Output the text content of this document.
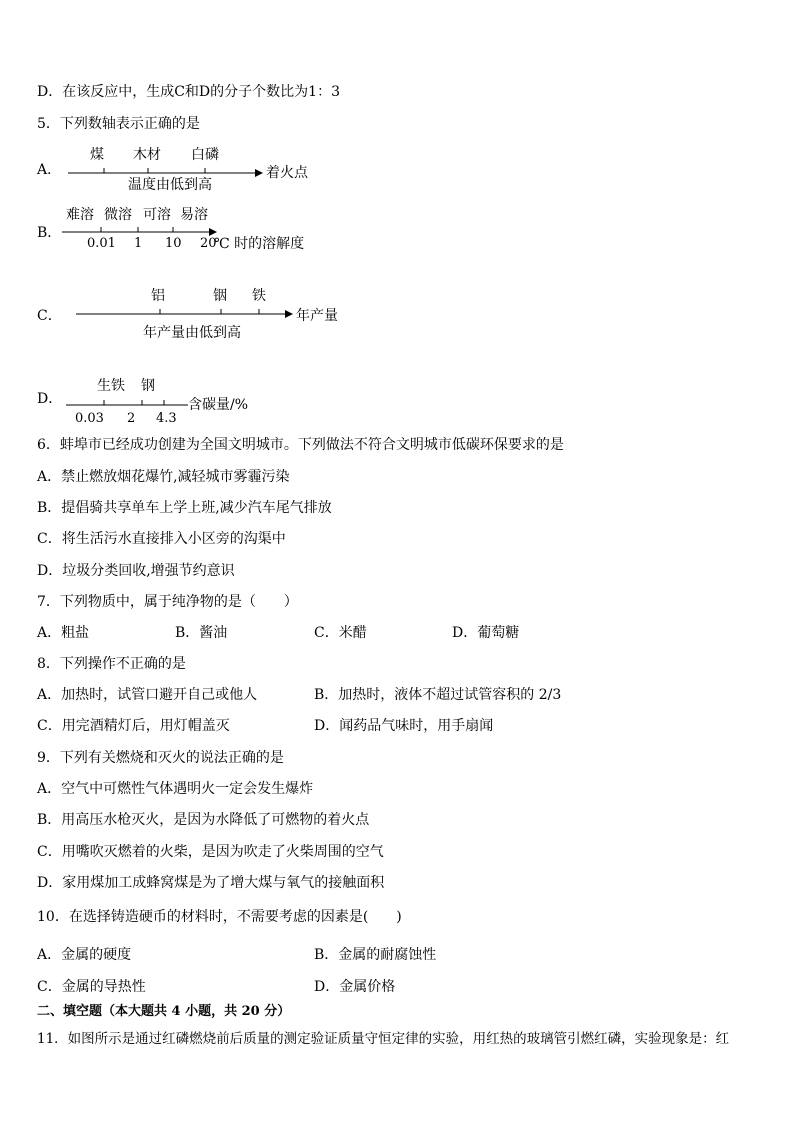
D．在该反应中，生成C和D的分子个数比为1：3
5．下列数轴表示正确的是
A．
煤 木材 白磷
着火点
温度由低到高
B．
难溶 微溶 可溶 易溶
0.01 1 10 20
℃ 时的溶解度
C．
铝	铟 铁
年产量
年产量由低到高
D．
生铁 钢
0.03 2 4.3
含碳量/%
6．蚌埠市已经成功创建为全国文明城市。下列做法不符合文明城市低碳环保要求的是
A．禁止燃放烟花爆竹,减轻城市雾霾污染
B．提倡骑共享单车上学上班,减少汽车尾气排放
C．将生活污水直接排入小区旁的沟渠中
D．垃圾分类回收,增强节约意识
7．下列物质中，属于纯净物的是（　　）
A．粗盐	B．酱油	C．米醋	D．葡萄糖
8．下列操作不正确的是
A．加热时，试管口避开自己或他人	B．加热时，液体不超过试管容积的 2/3
C．用完酒精灯后，用灯帽盖灭	D．闻药品气味时，用手扇闻
9．下列有关燃烧和灭火的说法正确的是
A．空气中可燃性气体遇明火一定会发生爆炸
B．用高压水枪灭火，是因为水降低了可燃物的着火点
C．用嘴吹灭燃着的火柴，是因为吹走了火柴周围的空气
D．家用煤加工成蜂窝煤是为了增大煤与氧气的接触面积
10．在选择铸造硬币的材料时，不需要考虑的因素是(　　)
A．金属的硬度	B．金属的耐腐蚀性
C．金属的导热性	D．金属价格
二、填空题（本大题共 4 小题，共 20 分）
11．如图所示是通过红磷燃烧前后质量的测定验证质量守恒定律的实验，用红热的玻璃管引燃红磷，实验现象是：红
